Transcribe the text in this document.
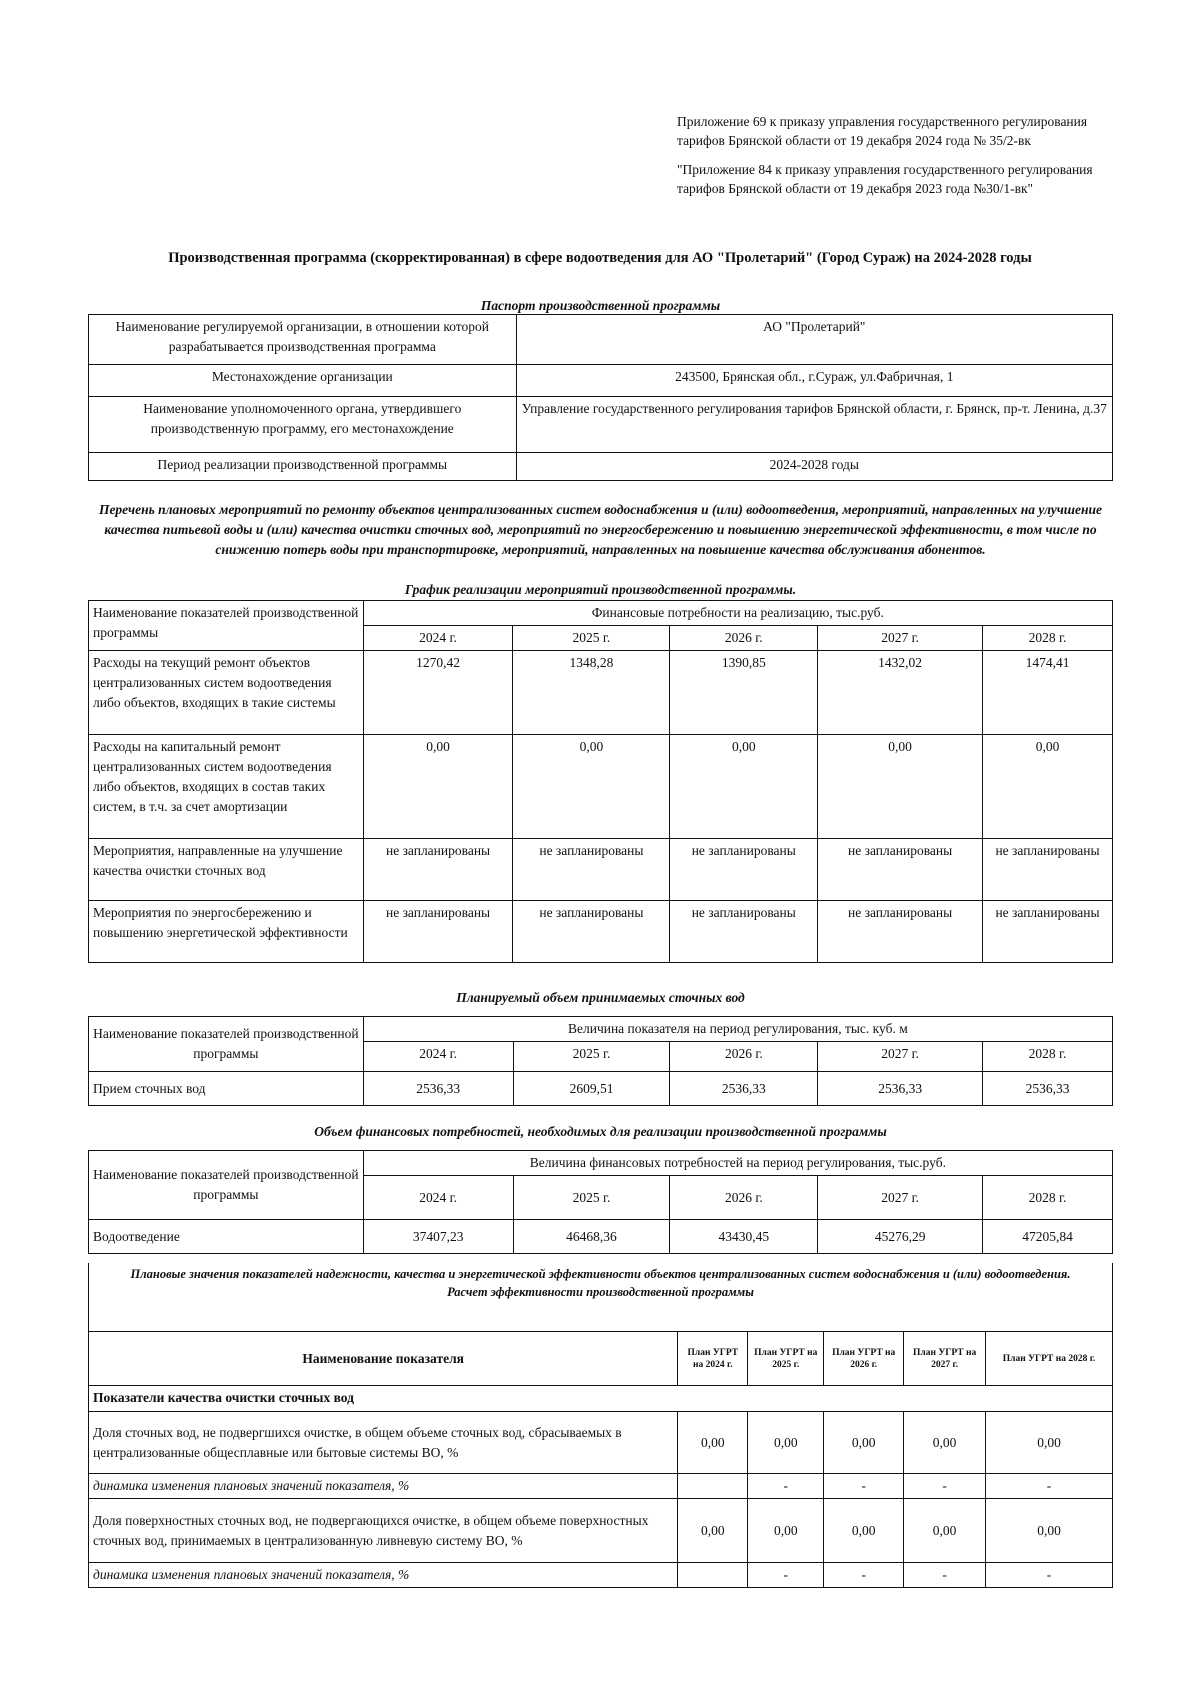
Приложение 69 к приказу управления государственного регулирования тарифов Брянской области от 19 декабря 2024 года № 35/2-вк

"Приложение 84 к приказу управления государственного регулирования тарифов Брянской области от 19 декабря 2023 года №30/1-вк"

Производственная программа (скорректированная) в сфере водоотведения для АО "Пролетарий" (Город Сураж) на 2024-2028 годы
Паспорт производственной программы
Наименование регулируемой организации, в отношении которой разрабатывается производственная программа	АО "Пролетарий"
Местонахождение организации	243500, Брянская обл., г.Сураж, ул.Фабричная, 1
Наименование уполномоченного органа, утвердившего производственную программу, его местонахождение	Управление государственного регулирования тарифов Брянской области, г. Брянск, пр-т. Ленина, д.37
Период реализации производственной программы	2024-2028 годы
Перечень плановых мероприятий по ремонту объектов централизованных систем водоснабжения и (или) водоотведения, мероприятий, направленных на улучшение качества питьевой воды и (или) качества очистки сточных вод, мероприятий по энергосбережению и повышению энергетической эффективности, в том числе по снижению потерь воды при транспортировке, мероприятий, направленных на повышение качества обслуживания абонентов.
График реализации мероприятий производственной программы.
Наименование показателей производственной программы	Финансовые потребности на реализацию, тыс.руб.				
	2024 г.	2025 г.	2026 г.	2027 г.	2028 г.
Расходы на текущий ремонт объектов централизованных систем водоотведения либо объектов, входящих в такие системы	1270,42	1348,28	1390,85	1432,02	1474,41
Расходы на капитальный ремонт централизованных систем водоотведения либо объектов, входящих в состав таких систем, в т.ч. за счет амортизации	0,00	0,00	0,00	0,00	0,00
Мероприятия, направленные на улучшение качества очистки сточных вод	не запланированы	не запланированы	не запланированы	не запланированы	не запланированы
Мероприятия по энергосбережению и повышению энергетической эффективности	не запланированы	не запланированы	не запланированы	не запланированы	не запланированы
Планируемый объем принимаемых сточных вод
Наименование показателей производственной программы	Величина показателя на период регулирования, тыс. куб. м				
	2024 г.	2025 г.	2026 г.	2027 г.	2028 г.
Прием сточных вод	2536,33	2609,51	2536,33	2536,33	2536,33
Объем финансовых потребностей, необходимых для реализации производственной программы
Наименование показателей производственной программы	Величина финансовых потребностей на период регулирования, тыс.руб.				
	2024 г.	2025 г.	2026 г.	2027 г.	2028 г.
Водоотведение	37407,23	46468,36	43430,45	45276,29	47205,84
Плановые значения показателей надежности, качества и энергетической эффективности объектов централизованных систем водоснабжения и (или) водоотведения.
Расчет эффективности производственной программы
Наименование показателя	План УГРТ на 2024 г.	План УГРТ на 2025 г.	План УГРТ на 2026 г.	План УГРТ на 2027 г.	План УГРТ на 2028 г.
Показатели качества очистки сточных вод					
Доля сточных вод, не подвергшихся очистке, в общем объеме сточных вод, сбрасываемых в централизованные общесплавные или бытовые системы ВО, %	0,00	0,00	0,00	0,00	0,00
динамика изменения плановых значений показателя, %		-	-	-	-
Доля поверхностных сточных вод, не подвергающихся очистке, в общем объеме поверхностных сточных вод, принимаемых в централизованную ливневую систему ВО, %	0,00	0,00	0,00	0,00	0,00
динамика изменения плановых значений показателя, %		-	-	-	-
